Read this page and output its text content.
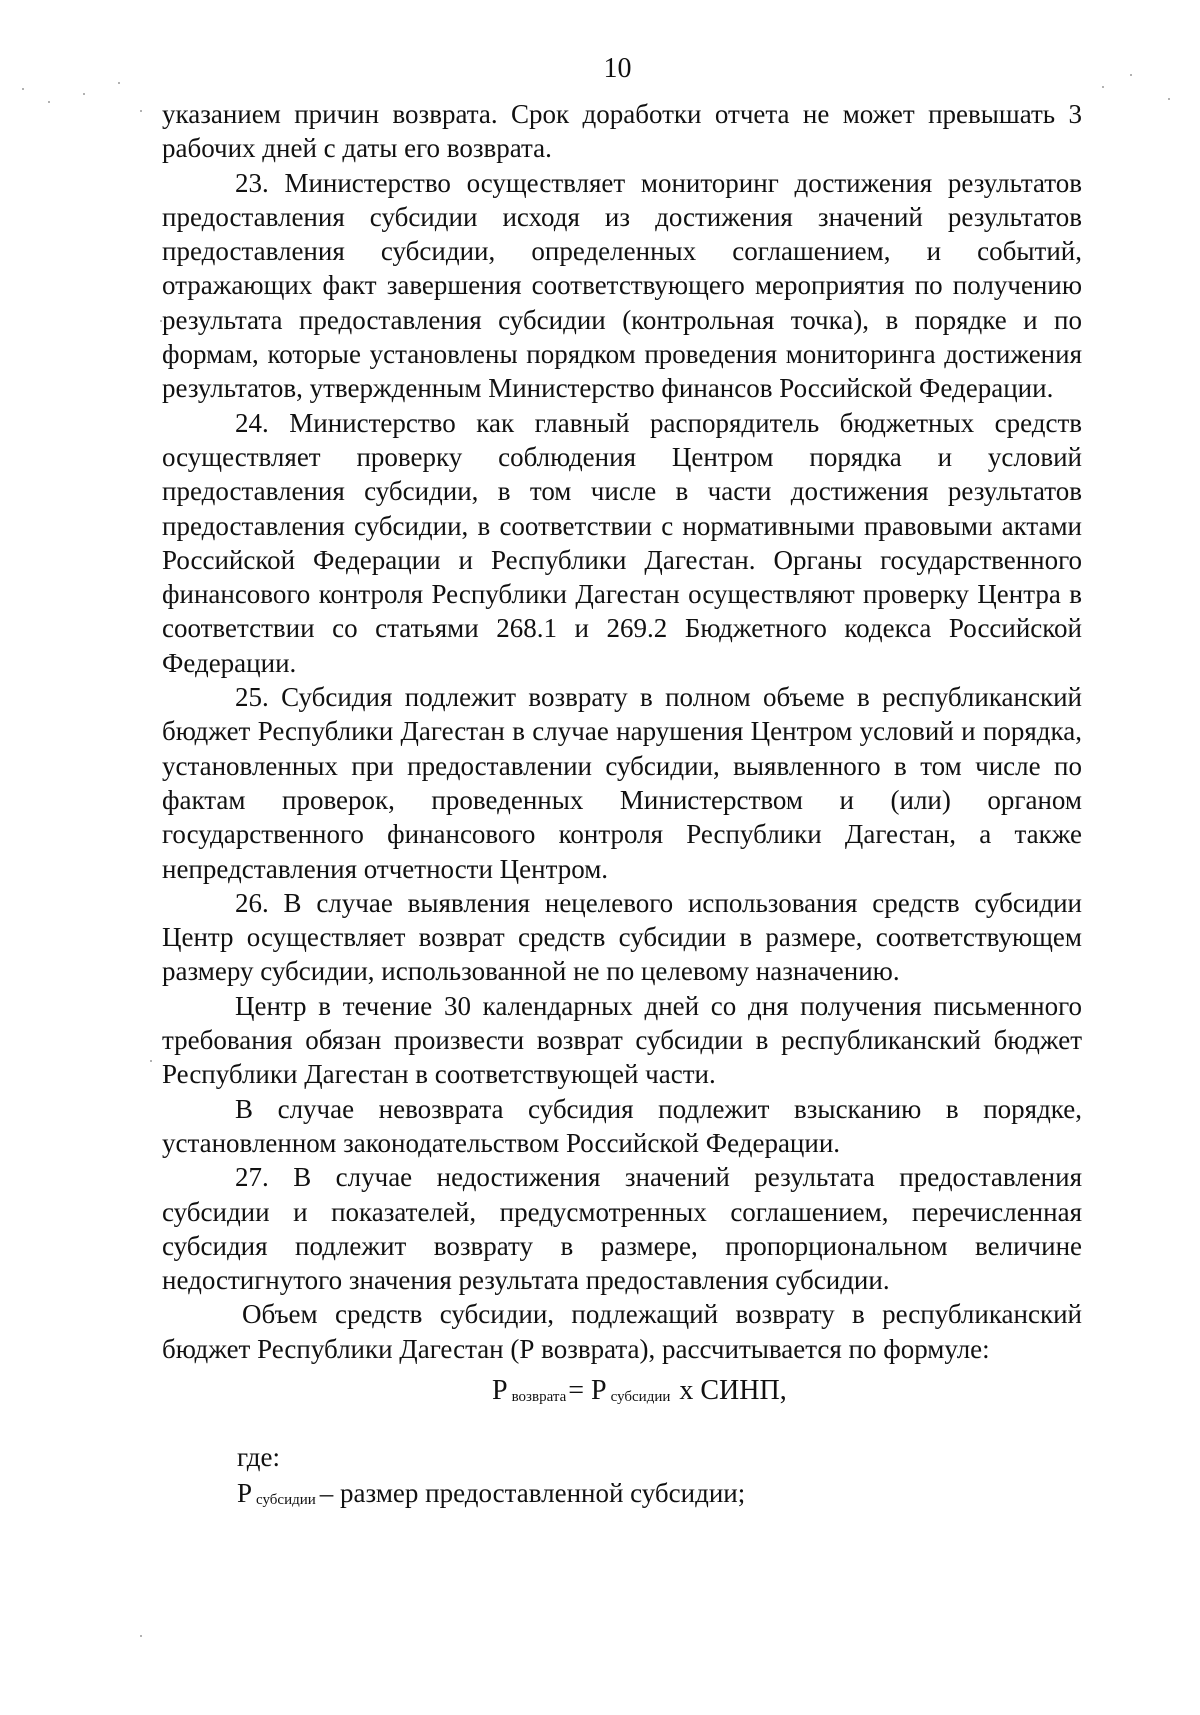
10

указанием причин возврата. Срок доработки отчета не может превышать 3 рабочих дней с даты его возврата.

23. Министерство осуществляет мониторинг достижения результатов предоставления субсидии исходя из достижения значений результатов предоставления субсидии, определенных соглашением, и событий, отражающих факт завершения соответствующего мероприятия по получению результата предоставления субсидии (контрольная точка), в порядке и по формам, которые установлены порядком проведения мониторинга достижения результатов, утвержденным Министерство финансов Российской Федерации.

24. Министерство как главный распорядитель бюджетных средств осуществляет проверку соблюдения Центром порядка и условий предоставления субсидии, в том числе в части достижения результатов предоставления субсидии, в соответствии с нормативными правовыми актами Российской Федерации и Республики Дагестан. Органы государственного финансового контроля Республики Дагестан осуществляют проверку Центра в соответствии со статьями 268.1 и 269.2 Бюджетного кодекса Российской Федерации.

25. Субсидия подлежит возврату в полном объеме в республиканский бюджет Республики Дагестан в случае нарушения Центром условий и порядка, установленных при предоставлении субсидии, выявленного в том числе по фактам проверок, проведенных Министерством и (или) органом государственного финансового контроля Республики Дагестан, а также непредставления отчетности Центром.

26. В случае выявления нецелевого использования средств субсидии Центр осуществляет возврат средств субсидии в размере, соответствующем размеру субсидии, использованной не по целевому назначению.

Центр в течение 30 календарных дней со дня получения письменного требования обязан произвести возврат субсидии в республиканский бюджет Республики Дагестан в соответствующей части.

В случае невозврата субсидия подлежит взысканию в порядке, установленном законодательством Российской Федерации.

27. В случае недостижения значений результата предоставления субсидии и показателей, предусмотренных соглашением, перечисленная субсидия подлежит возврату в размере, пропорциональном величине недостигнутого значения результата предоставления субсидии.

Объем средств субсидии, подлежащий возврату в республиканский бюджет Республики Дагестан (Р возврата), рассчитывается по формуле:

Рвозврата= Р субсидии х СИНП,
где:
Рсубсидии – размер предоставленной субсидии;
